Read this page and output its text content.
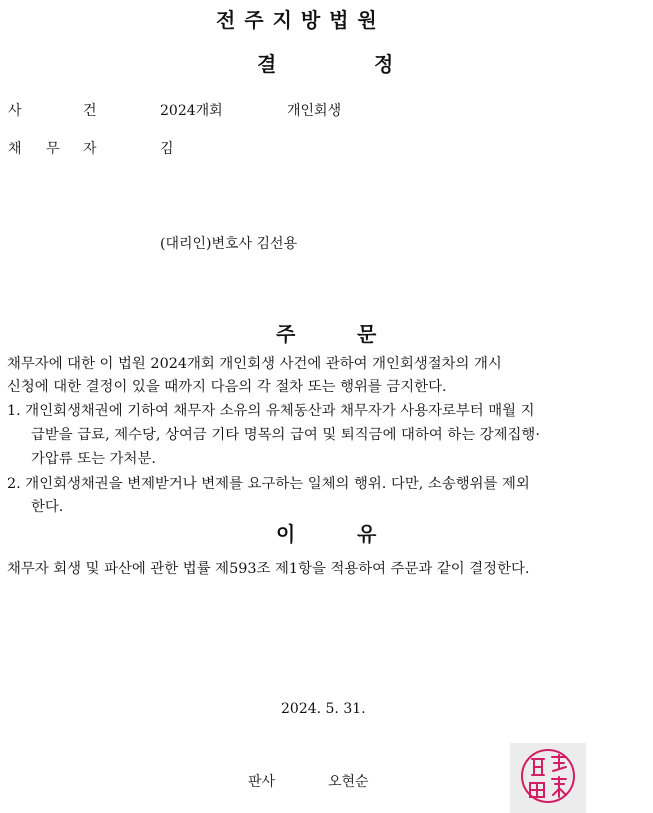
전 주 지 방 법 원
결	정
사	건	2024개회	개인회생
채 무 자	김
(대리인)변호사 김선용
주	문
채무자에 대한 이 법원 2024개회 개인회생 사건에 관하여 개인회생절차의 개시
신청에 대한 결정이 있을 때까지 다음의 각 절차 또는 행위를 금지한다.
1. 개인회생채권에 기하여 채무자 소유의 유체동산과 채무자가 사용자로부터 매월 지
급받을 급료, 제수당, 상여금 기타 명목의 급여 및 퇴직금에 대하여 하는 강제집행·
가압류 또는 가처분.
2. 개인회생채권을 변제받거나 변제를 요구하는 일체의 행위. 다만, 소송행위를 제외
한다.
이	유
채무자 회생 및 파산에 관한 법률 제593조 제1항을 적용하여 주문과 같이 결정한다.
2024. 5. 31.
판사	오현순
